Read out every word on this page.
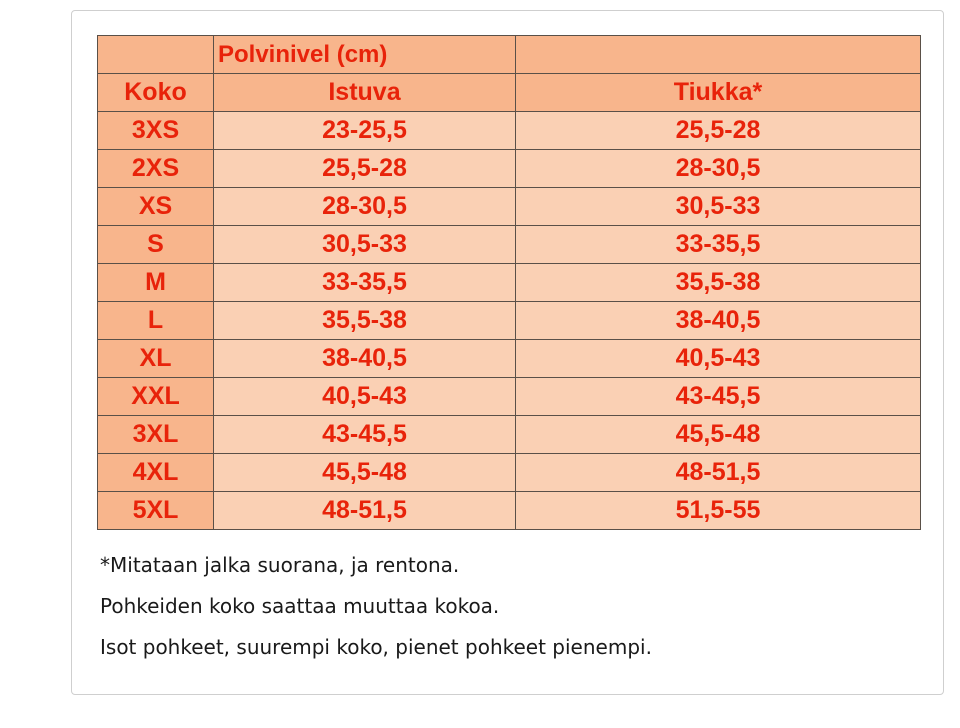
	Polvinivel (cm)	
Koko	Istuva	Tiukka*
3XS	23-25,5	25,5-28
2XS	25,5-28	28-30,5
XS	28-30,5	30,5-33
S	30,5-33	33-35,5
M	33-35,5	35,5-38
L	35,5-38	38-40,5
XL	38-40,5	40,5-43
XXL	40,5-43	43-45,5
3XL	43-45,5	45,5-48
4XL	45,5-48	48-51,5
5XL	48-51,5	51,5-55

*Mitataan jalka suorana, ja rentona.

Pohkeiden koko saattaa muuttaa kokoa.

Isot pohkeet, suurempi koko, pienet pohkeet pienempi.
